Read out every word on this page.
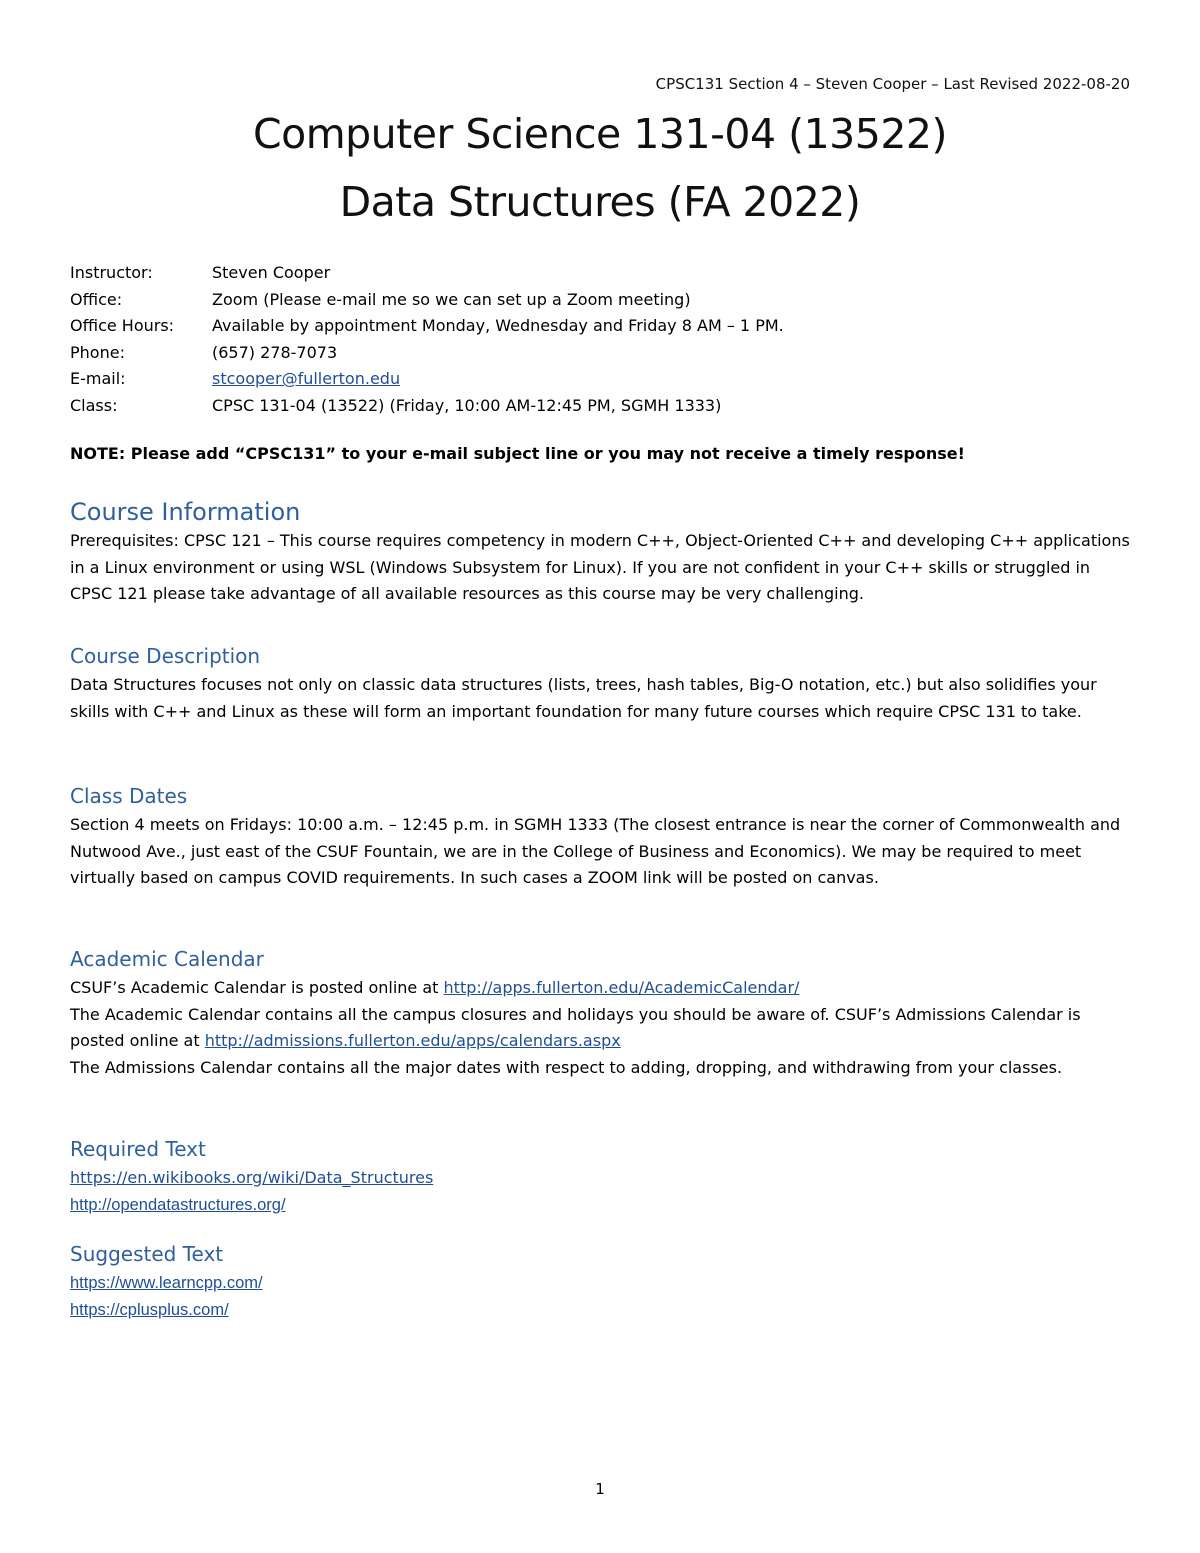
CPSC131 Section 4 – Steven Cooper – Last Revised 2022-08-20
Computer Science 131-04 (13522)
Data Structures (FA 2022)
Instructor:	Steven Cooper
Office:	Zoom (Please e-mail me so we can set up a Zoom meeting)
Office Hours:	Available by appointment Monday, Wednesday and Friday 8 AM – 1 PM.
Phone:	(657) 278-7073
E-mail:	stcooper@fullerton.edu
Class:	CPSC 131-04 (13522) (Friday, 10:00 AM-12:45 PM, SGMH 1333)
NOTE: Please add “CPSC131” to your e-mail subject line or you may not receive a timely response!
Course Information

Prerequisites: CPSC 121 – This course requires competency in modern C++, Object-Oriented C++ and developing C++ applications in a Linux environment or using WSL (Windows Subsystem for Linux). If you are not confident in your C++ skills or struggled in CPSC 121 please take advantage of all available resources as this course may be very challenging.

Course Description

Data Structures focuses not only on classic data structures (lists, trees, hash tables, Big-O notation, etc.) but also solidifies your skills with C++ and Linux as these will form an important foundation for many future courses which require CPSC 131 to take.

Class Dates

Section 4 meets on Fridays: 10:00 a.m. – 12:45 p.m. in SGMH 1333 (The closest entrance is near the corner of Commonwealth and Nutwood Ave., just east of the CSUF Fountain, we are in the College of Business and Economics). We may be required to meet virtually based on campus COVID requirements. In such cases a ZOOM link will be posted on canvas.

Academic Calendar

CSUF’s Academic Calendar is posted online at http://apps.fullerton.edu/AcademicCalendar/

The Academic Calendar contains all the campus closures and holidays you should be aware of. CSUF’s Admissions Calendar is posted online at http://admissions.fullerton.edu/apps/calendars.aspx

The Admissions Calendar contains all the major dates with respect to adding, dropping, and withdrawing from your classes.

Required Text

https://en.wikibooks.org/wiki/Data_Structures

http://opendatastructures.org/

Suggested Text

https://www.learncpp.com/

https://cplusplus.com/

1
